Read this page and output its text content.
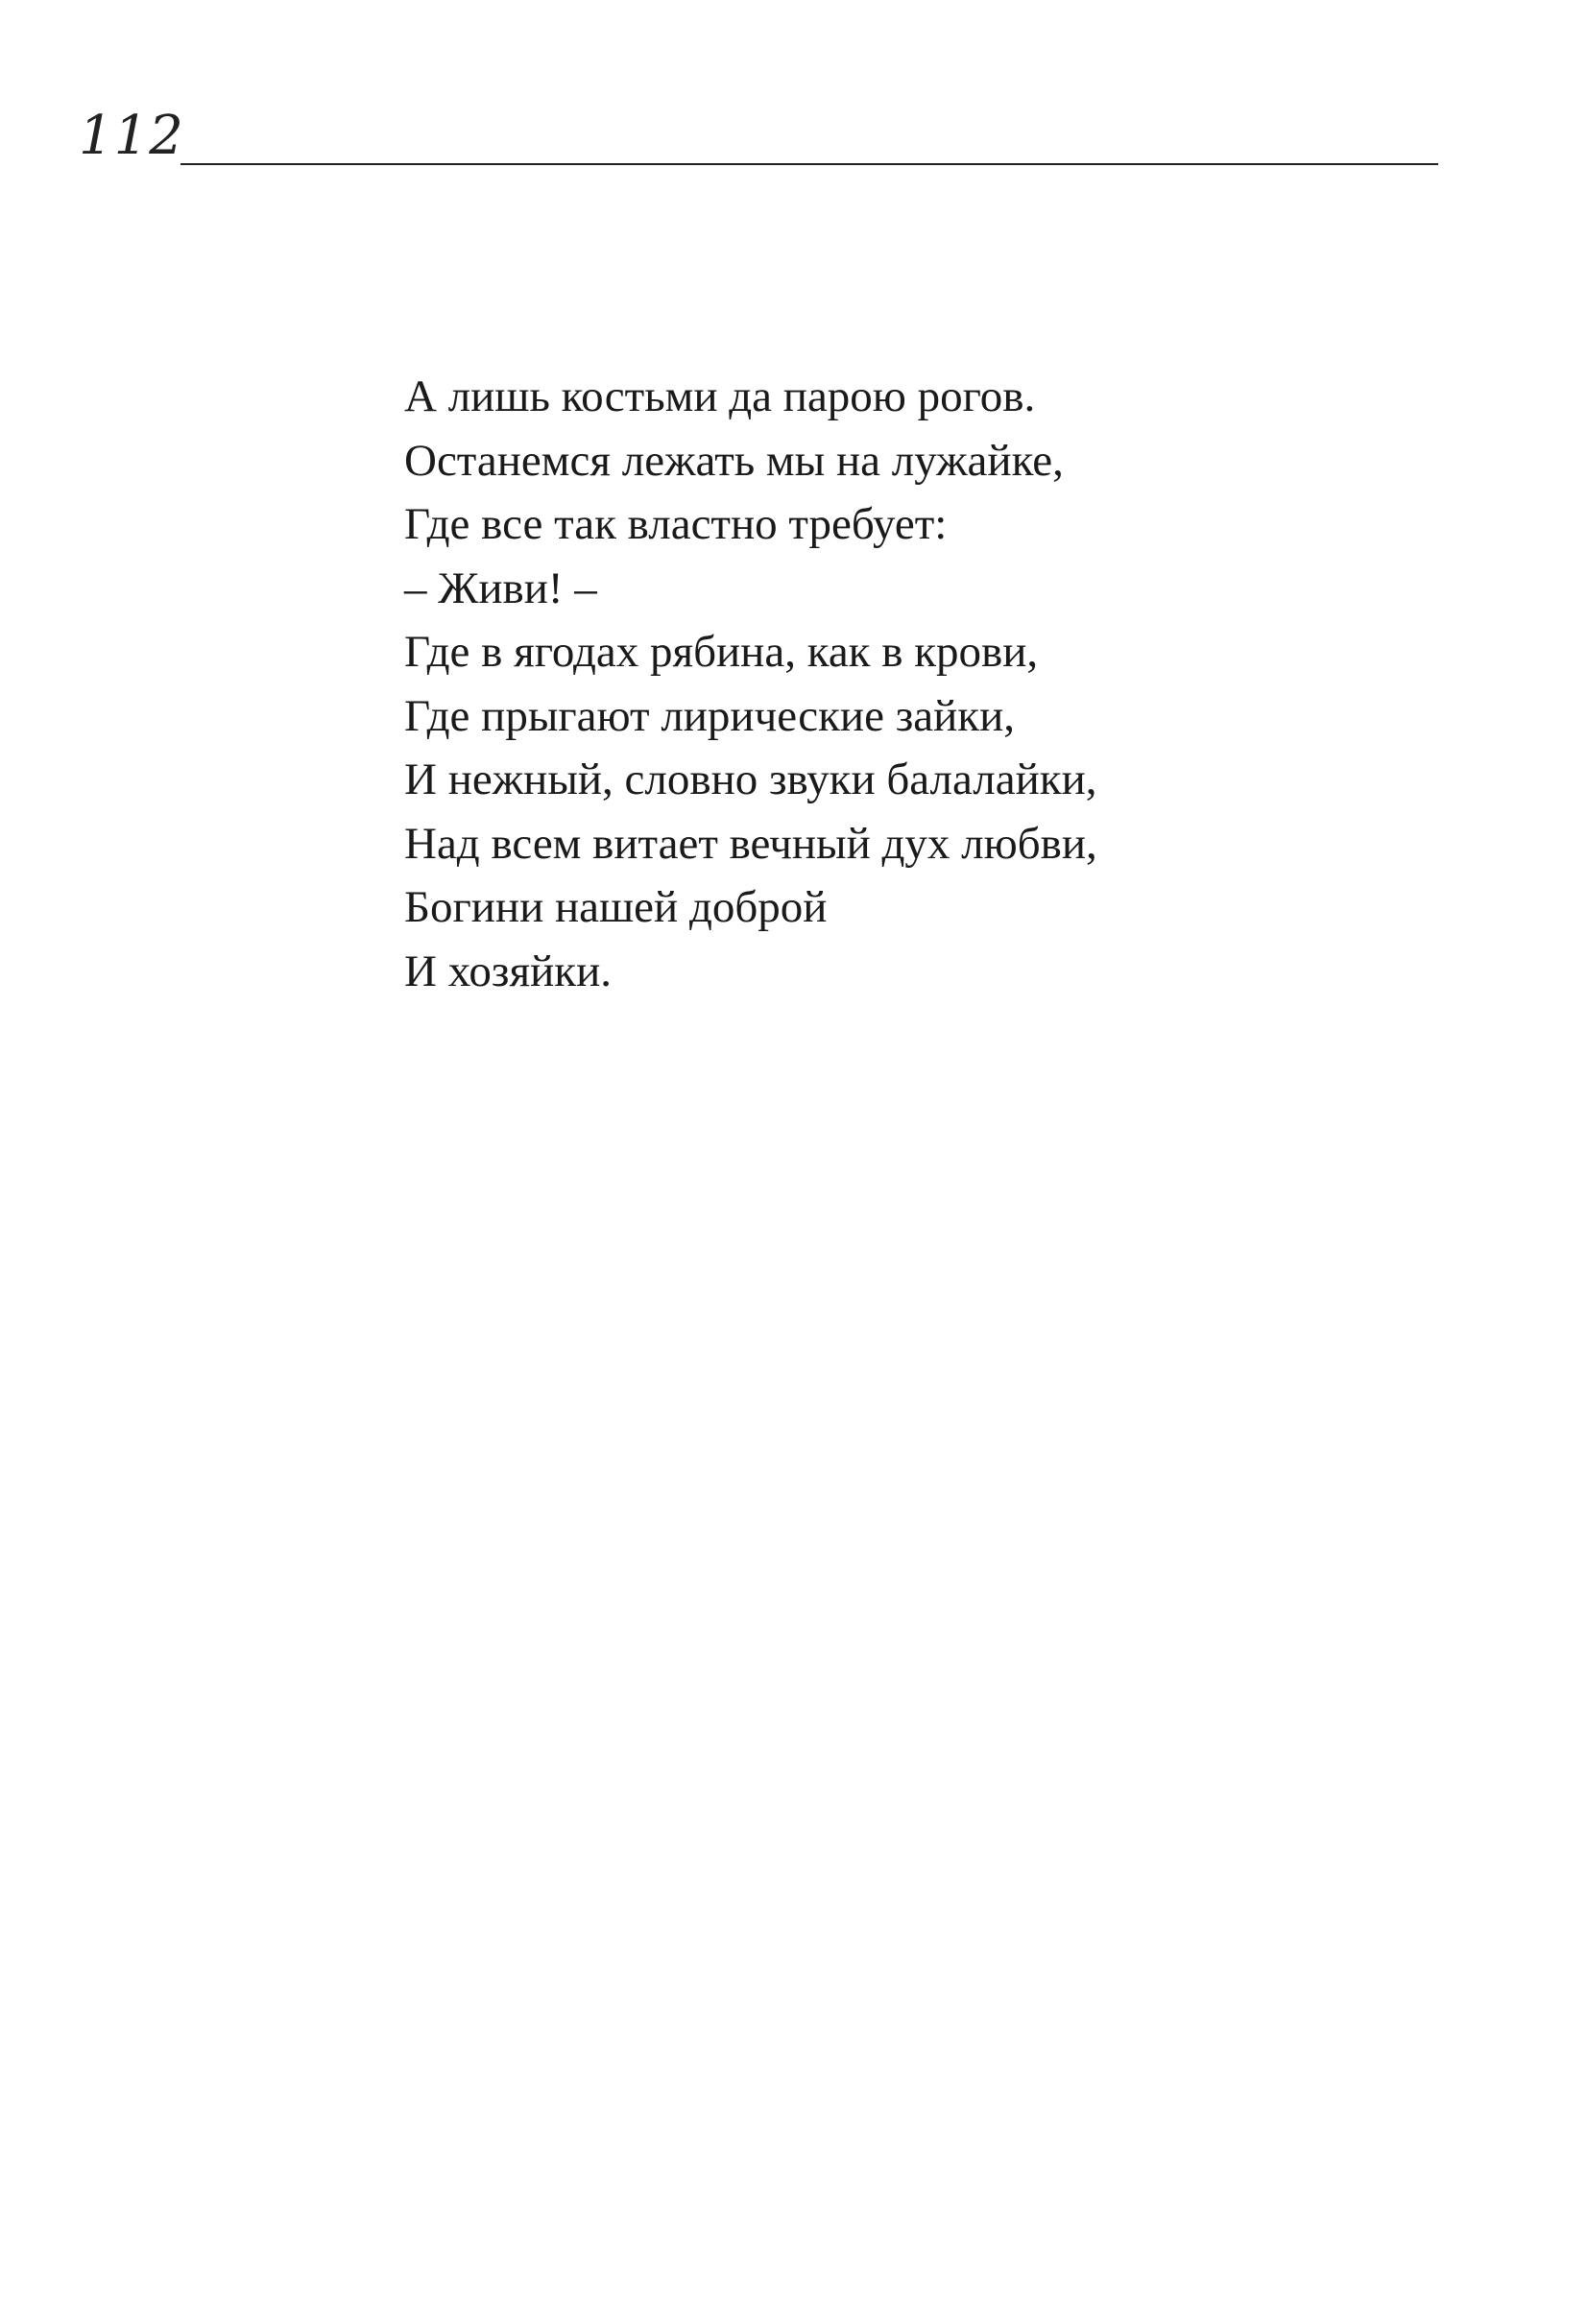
112
А лишь костьми да парою рогов.
Останемся лежать мы на лужайке,
Где все так властно требует:
– Живи! –
Где в ягодах рябина, как в крови,
Где прыгают лирические зайки,
И нежный, словно звуки балалайки,
Над всем витает вечный дух любви,
Богини нашей доброй
И хозяйки.
